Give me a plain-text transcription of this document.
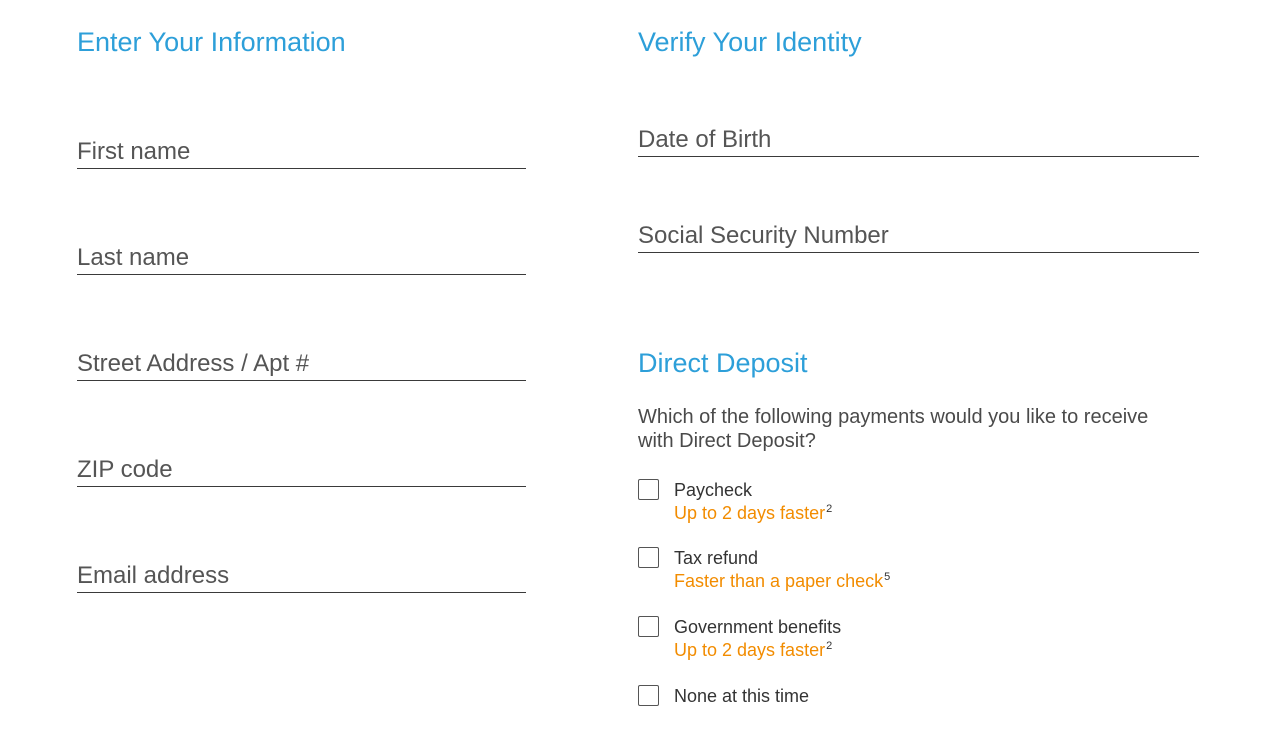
Enter Your Information
First name
Last name
Street Address / Apt #
ZIP code
Email address
Verify Your Identity
Date of Birth
Social Security Number
Direct Deposit
Which of the following payments would you like to receive with Direct Deposit?
Paycheck
Up to 2 days faster$^2$
Tax refund
Faster than a paper check$^5$
Government benefits
Up to 2 days faster$^2$
None at this time
